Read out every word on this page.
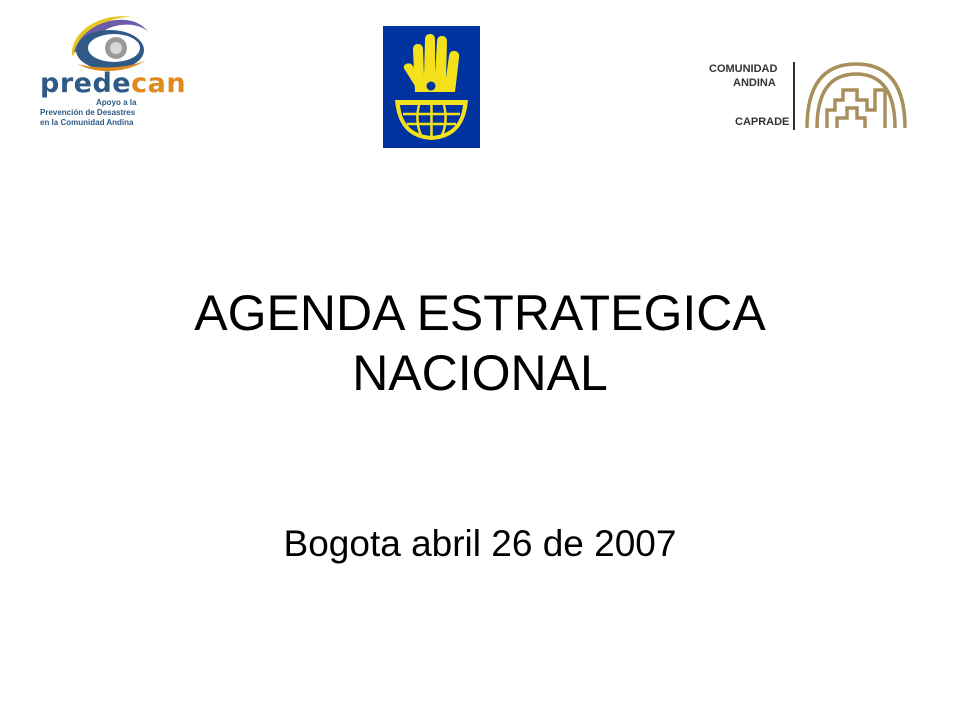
predecan
Apoyo a la
Prevención de Desastres
en la Comunidad Andina
COMUNIDAD
ANDINA
CAPRADE
AGENDA ESTRATEGICA
NACIONAL
Bogota abril 26 de 2007
